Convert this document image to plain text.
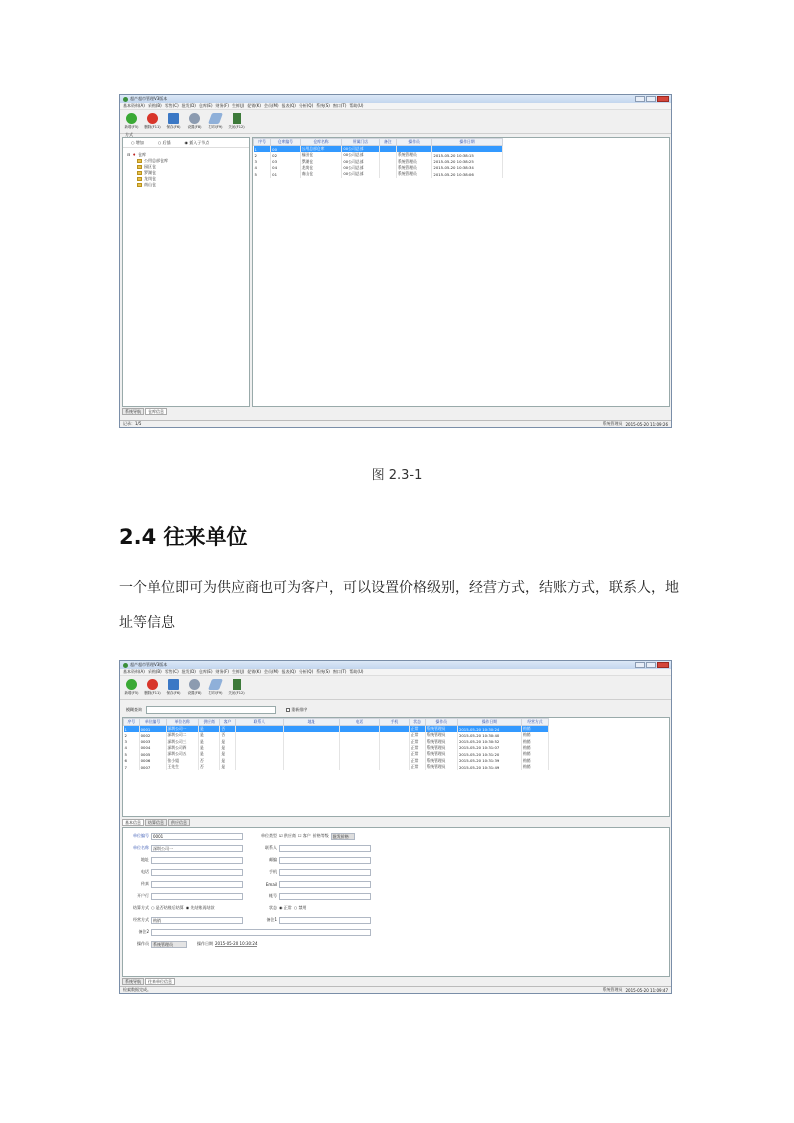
超产超市管理V3版本
基本资料(A) 采购(B) 零售(C) 批发(D) 仓库(E) 财务(F) 生鲜(J) 促销(K) 会员(M) 报表(Q) 分析(Q) 系统(S) 窗口(T) 帮助(U)
新增(F5) 删除(F11) 保存(F6) 设置(F8) 打印(F9) 关闭(F12)
方式
○ 增加	○ 后插	◉ 插入子节点
⊟ ♦ 仓库
公用总部仓库
园区仓
罗湖仓
龙岗仓
南山仓
序号	仓库编号	仓库名称	所属门店	备注	操作员	操作日期
1	00	公用总部仓库	00公司总部			
2	02	福田仓	00公司总部		系统管理员	2015-05-20 10:38:15
3	03	罗湖仓	00公司总部		系统管理员	2015-05-20 10:38:25
4	04	龙岗仓	00公司总部		系统管理员	2015-05-20 10:38:34
5	01	南山仓	00公司总部		系统管理员	2015-05-20 10:38:06
系统导航	仓库信息
记录：1/5	系统管理员 2015-05-20 11:09:26
图 2.3-1
2.4 往来单位
一个单位即可为供应商也可为客户，可以设置价格级别，经营方式，结账方式，联系人，地
址等信息
超产超市管理V3版本
基本资料(A) 采购(B) 零售(C) 批发(D) 仓库(E) 财务(F) 生鲜(J) 促销(K) 会员(M) 报表(Q) 分析(Q) 系统(S) 窗口(T) 帮助(U)
新增(F5) 删除(F11) 保存(F6) 设置(F8) 打印(F9) 关闭(F12)
模糊查询	重新排序
序号	单位编号	单位名称	供应商	客户	联系人	地址	电话	手机	状态	操作员	操作日期	经营方式
1	0001	深圳公司一	是	否					正常	系统管理员	2015-05-20 10:30:24	购销
2	0002	深圳公司二	是	否					正常	系统管理员	2015-05-20 10:30:40	购销
3	0003	深圳公司三	是	是					正常	系统管理员	2015-05-20 10:30:52	购销
4	0004	深圳公司四	是	是					正常	系统管理员	2015-05-20 10:31:07	购销
5	0005	深圳公司五	是	是					正常	系统管理员	2015-05-20 10:31:20	购销
6	0006	张小姐	否	是					正常	系统管理员	2015-05-20 10:31:39	购销
7	0007	王先生	否	是					正常	系统管理员	2015-05-20 10:31:49	购销
基本信息	结算信息	供应信息
单位编号	0001
单位名称	深圳公司一
地址
电话
传真
开户行
单位类型 ☑ 供应商 ☐ 客户 价格等级	批发价格
联系人
邮编
手机
Email
帐号
结算方式 ○ 是否结账后结算 ◉ 先结账再结款	状态 ◉ 正常 ○ 禁用
经营方式	购销	备注1
备注2
操作员	系统管理员	操作日期 2015-05-20 10:30:24
系统导航	往来单位信息
检索数据完成。	系统管理员 2015-05-20 11:09:47
